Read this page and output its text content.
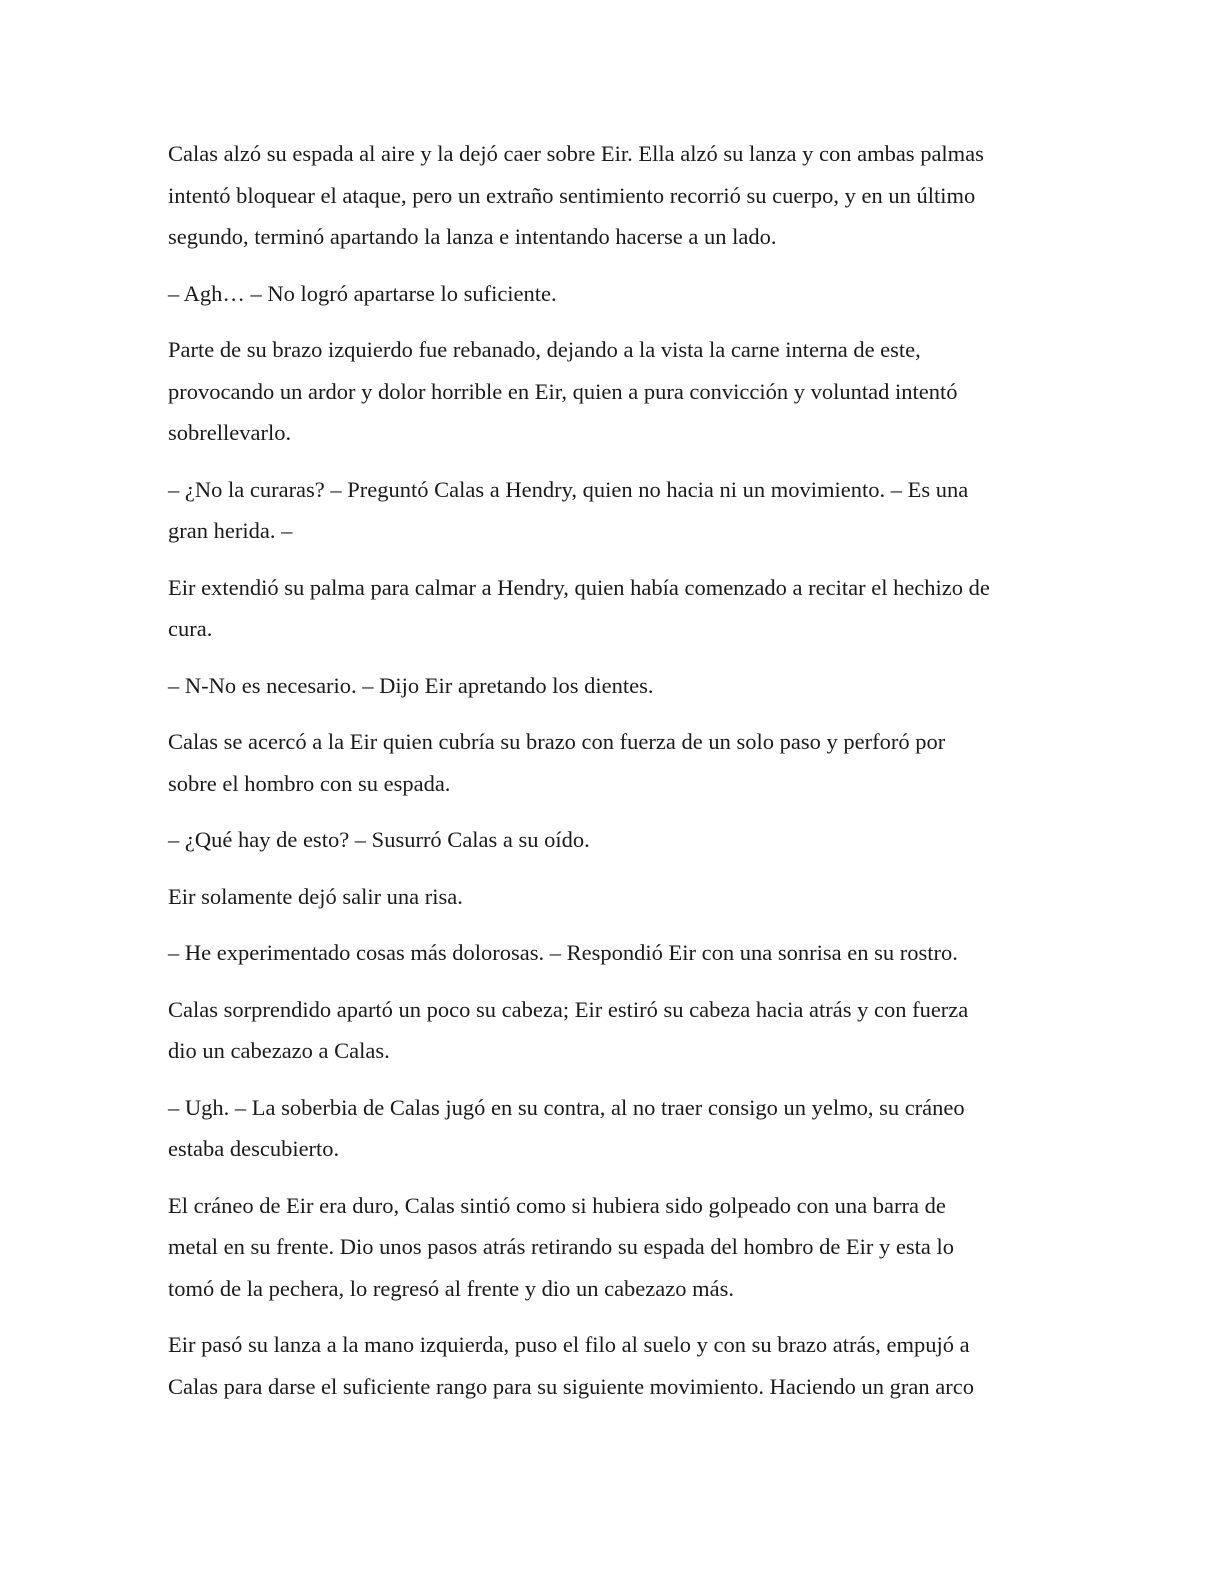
Calas alzó su espada al aire y la dejó caer sobre Eir. Ella alzó su lanza y con ambas palmas
intentó bloquear el ataque, pero un extraño sentimiento recorrió su cuerpo, y en un último
segundo, terminó apartando la lanza e intentando hacerse a un lado.

– Agh… – No logró apartarse lo suficiente.

Parte de su brazo izquierdo fue rebanado, dejando a la vista la carne interna de este,
provocando un ardor y dolor horrible en Eir, quien a pura convicción y voluntad intentó
sobrellevarlo.

– ¿No la curaras? – Preguntó Calas a Hendry, quien no hacia ni un movimiento. – Es una
gran herida. –

Eir extendió su palma para calmar a Hendry, quien había comenzado a recitar el hechizo de
cura.

– N-No es necesario. – Dijo Eir apretando los dientes.

Calas se acercó a la Eir quien cubría su brazo con fuerza de un solo paso y perforó por
sobre el hombro con su espada.

– ¿Qué hay de esto? – Susurró Calas a su oído.

Eir solamente dejó salir una risa.

– He experimentado cosas más dolorosas. – Respondió Eir con una sonrisa en su rostro.

Calas sorprendido apartó un poco su cabeza; Eir estiró su cabeza hacia atrás y con fuerza
dio un cabezazo a Calas.

– Ugh. – La soberbia de Calas jugó en su contra, al no traer consigo un yelmo, su cráneo
estaba descubierto.

El cráneo de Eir era duro, Calas sintió como si hubiera sido golpeado con una barra de
metal en su frente. Dio unos pasos atrás retirando su espada del hombro de Eir y esta lo
tomó de la pechera, lo regresó al frente y dio un cabezazo más.

Eir pasó su lanza a la mano izquierda, puso el filo al suelo y con su brazo atrás, empujó a
Calas para darse el suficiente rango para su siguiente movimiento. Haciendo un gran arco
